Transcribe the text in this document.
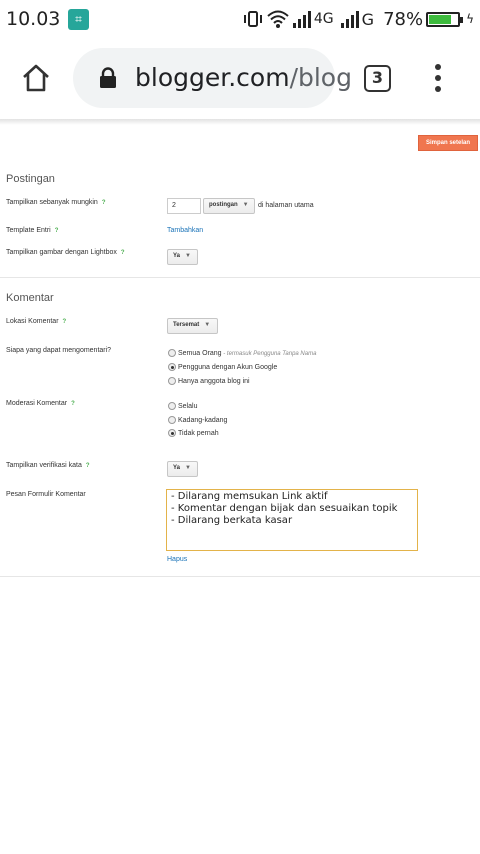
10.03	⌗	4G G 78%	ϟ
blogger.com/blog	3
Simpan setelan
Postingan
Tampilkan sebanyak mungkin ?	2	postingan ▼	di halaman utama
Template Entri ?	Tambahkan
Tampilkan gambar dengan Lightbox ?	Ya ▼
Komentar
Lokasi Komentar ?	Tersemat ▼
Siapa yang dapat mengomentari?	Semua Orang - termasuk Pengguna Tanpa Nama
Pengguna dengan Akun Google
Hanya anggota blog ini
Moderasi Komentar ?	Selalu
Kadang-kadang
Tidak pernah
Tampilkan verifikasi kata ?	Ya ▼
Pesan Formulir Komentar	- Dilarang memsukan Link aktif
- Komentar dengan bijak dan sesuaikan topik
- Dilarang berkata kasar
Hapus
